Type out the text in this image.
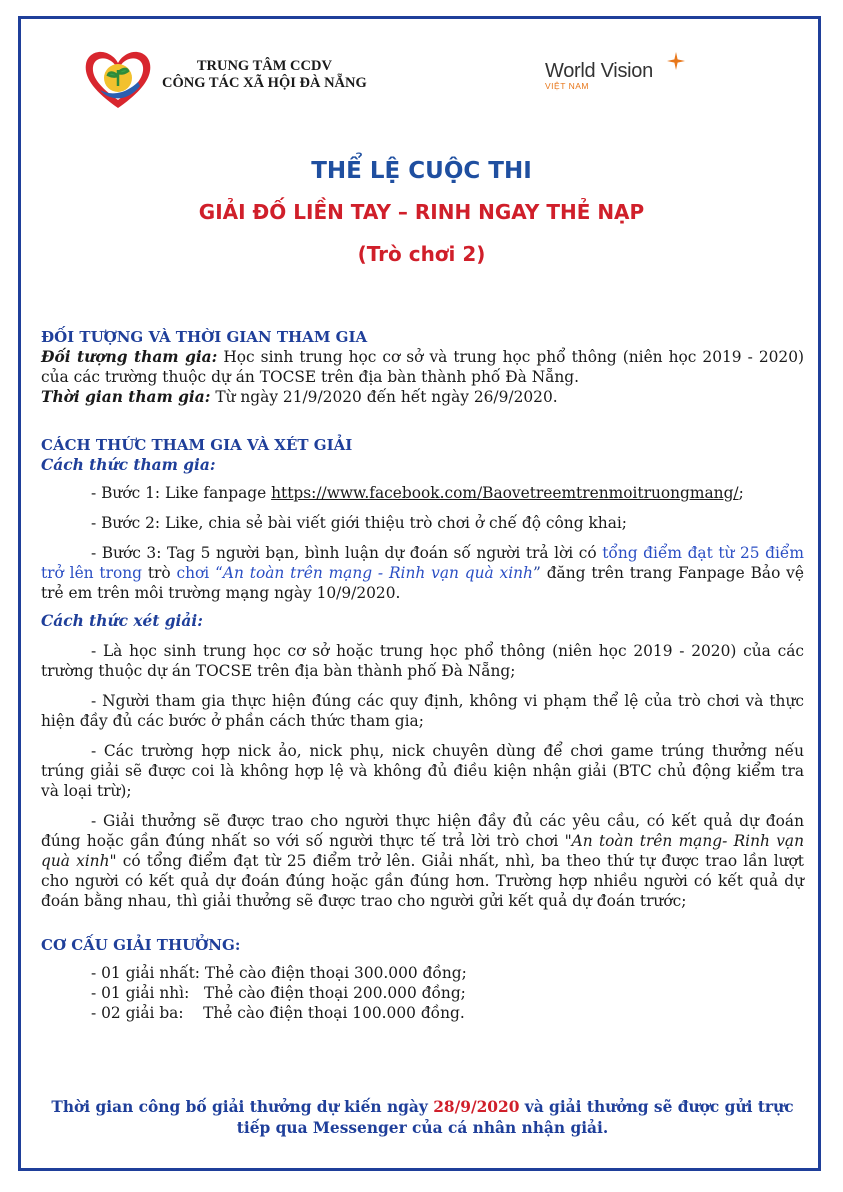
TRUNG TÂM CCDV
CÔNG TÁC XÃ HỘI ĐÀ NẴNG
World Vision
VIỆT NAM
THỂ LỆ CUỘC THI
GIẢI ĐỐ LIỀN TAY – RINH NGAY THẺ NẠP
(Trò chơi 2)
ĐỐI TƯỢNG VÀ THỜI GIAN THAM GIA

Đối tượng tham gia: Học sinh trung học cơ sở và trung học phổ thông (niên học 2019 - 2020) của các trường thuộc dự án TOCSE trên địa bàn thành phố Đà Nẵng.

Thời gian tham gia: Từ ngày 21/9/2020 đến hết ngày 26/9/2020.

CÁCH THỨC THAM GIA VÀ XÉT GIẢI
Cách thức tham gia:

- Bước 1: Like fanpage https://www.facebook.com/Baovetreemtrenmoitruongmang/;

- Bước 2: Like, chia sẻ bài viết giới thiệu trò chơi ở chế độ công khai;

- Bước 3: Tag 5 người bạn, bình luận dự đoán số người trả lời có tổng điểm đạt từ 25 điểm trở lên trong trò chơi “An toàn trên mạng - Rinh vạn quà xinh” đăng trên trang Fanpage Bảo vệ trẻ em trên môi trường mạng ngày 10/9/2020.

Cách thức xét giải:

- Là học sinh trung học cơ sở hoặc trung học phổ thông (niên học 2019 - 2020) của các trường thuộc dự án TOCSE trên địa bàn thành phố Đà Nẵng;

- Người tham gia thực hiện đúng các quy định, không vi phạm thể lệ của trò chơi và thực hiện đầy đủ các bước ở phần cách thức tham gia;

- Các trường hợp nick ảo, nick phụ, nick chuyên dùng để chơi game trúng thưởng nếu trúng giải sẽ được coi là không hợp lệ và không đủ điều kiện nhận giải (BTC chủ động kiểm tra và loại trừ);

- Giải thưởng sẽ được trao cho người thực hiện đầy đủ các yêu cầu, có kết quả dự đoán đúng hoặc gần đúng nhất so với số người thực tế trả lời trò chơi "An toàn trên mạng- Rinh vạn quà xinh" có tổng điểm đạt từ 25 điểm trở lên. Giải nhất, nhì, ba theo thứ tự được trao lần lượt cho người có kết quả dự đoán đúng hoặc gần đúng hơn. Trường hợp nhiều người có kết quả dự đoán bằng nhau, thì giải thưởng sẽ được trao cho người gửi kết quả dự đoán trước;

CƠ CẤU GIẢI THƯỞNG:
- 01 giải nhất: Thẻ cào điện thoại 300.000 đồng;
- 01 giải nhì:   Thẻ cào điện thoại 200.000 đồng;
- 02 giải ba:    Thẻ cào điện thoại 100.000 đồng.
Thời gian công bố giải thưởng dự kiến ngày 28/9/2020 và giải thưởng sẽ được gửi trực tiếp qua Messenger của cá nhân nhận giải.
